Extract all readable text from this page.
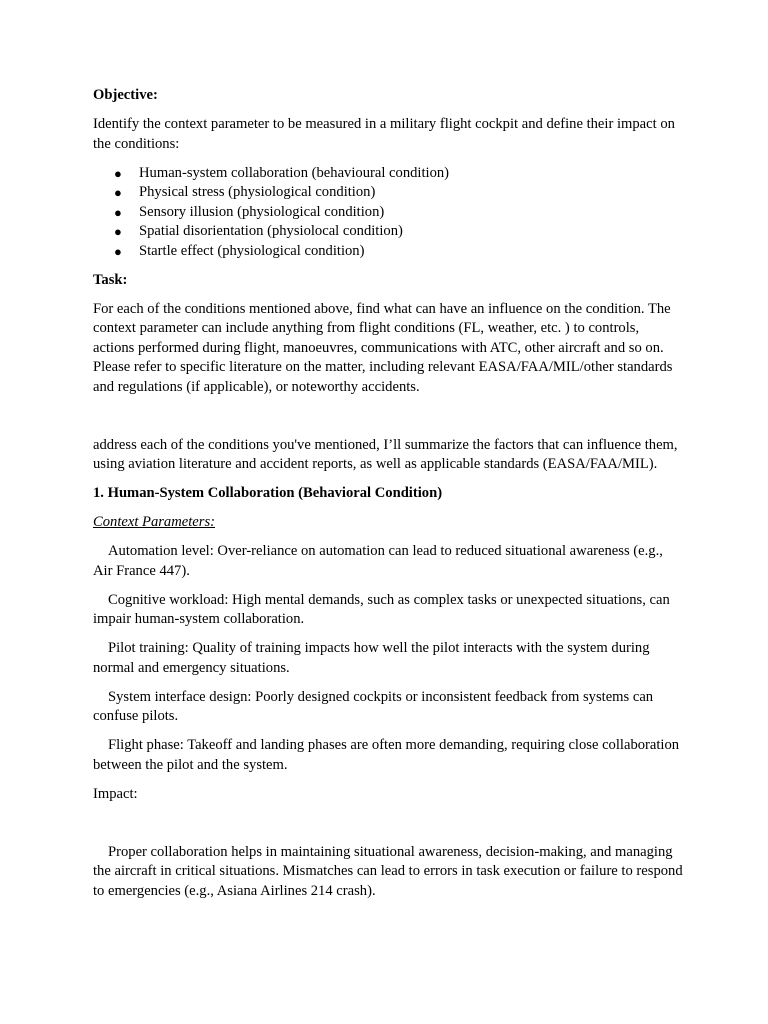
Objective:

Identify the context parameter to be measured in a military flight cockpit and define their impact on the conditions:

● Human-system collaboration (behavioural condition)
● Physical stress (physiological condition)
● Sensory illusion (physiological condition)
● Spatial disorientation (physiolocal condition)
● Startle effect (physiological condition)

Task:

For each of the conditions mentioned above, find what can have an influence on the condition. The context parameter can include anything from flight conditions (FL, weather, etc. ) to controls, actions performed during flight, manoeuvres, communications with ATC, other aircraft and so on. Please refer to specific literature on the matter, including relevant EASA/FAA/MIL/other standards and regulations (if applicable), or noteworthy accidents.

address each of the conditions you've mentioned, I’ll summarize the factors that can influence them, using aviation literature and accident reports, as well as applicable standards (EASA/FAA/MIL).

1. Human-System Collaboration (Behavioral Condition)

Context Parameters:

Automation level: Over-reliance on automation can lead to reduced situational awareness (e.g., Air France 447).

Cognitive workload: High mental demands, such as complex tasks or unexpected situations, can impair human-system collaboration.

Pilot training: Quality of training impacts how well the pilot interacts with the system during normal and emergency situations.

System interface design: Poorly designed cockpits or inconsistent feedback from systems can confuse pilots.

Flight phase: Takeoff and landing phases are often more demanding, requiring close collaboration between the pilot and the system.

Impact:

Proper collaboration helps in maintaining situational awareness, decision-making, and managing the aircraft in critical situations. Mismatches can lead to errors in task execution or failure to respond to emergencies (e.g., Asiana Airlines 214 crash).
